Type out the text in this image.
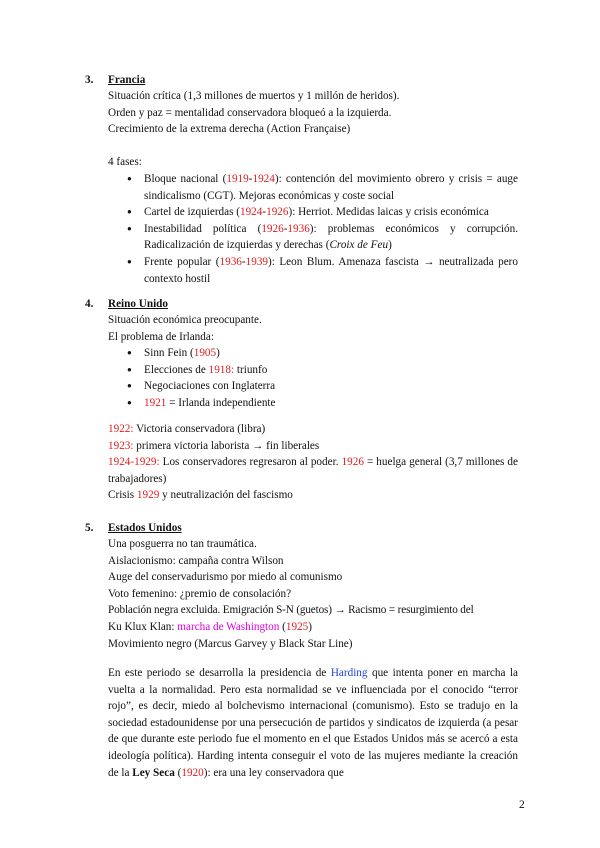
3. Francia

Situación crítica (1,3 millones de muertos y 1 millón de heridos).

Orden y paz = mentalidad conservadora bloqueó a la izquierda.

Crecimiento de la extrema derecha (Action Française)

4 fases:

● Bloque nacional (1919-1924): contención del movimiento obrero y crisis = auge sindicalismo (CGT). Mejoras económicas y coste social
● Cartel de izquierdas (1924-1926): Herriot. Medidas laicas y crisis económica
● Inestabilidad política (1926-1936): problemas económicos y corrupción. Radicalización de izquierdas y derechas (Croix de Feu)
● Frente popular (1936-1939): Leon Blum. Amenaza fascista → neutralizada pero contexto hostil
4. Reino Unido

Situación económica preocupante.

El problema de Irlanda:

● Sinn Fein (1905)
● Elecciones de 1918: triunfo
● Negociaciones con Inglaterra
● 1921 = Irlanda independiente

1922: Victoria conservadora (libra)

1923: primera victoria laborista → fin liberales

1924-1929: Los conservadores regresaron al poder. 1926 = huelga general (3,7 millones de trabajadores)

Crisis 1929 y neutralización del fascismo

5. Estados Unidos

Una posguerra no tan traumática.

Aislacionismo: campaña contra Wilson

Auge del conservadurismo por miedo al comunismo

Voto femenino: ¿premio de consolación?

Población negra excluida. Emigración S-N (guetos) → Racismo = resurgimiento del

Ku Klux Klan: marcha de Washington (1925)

Movimiento negro (Marcus Garvey y Black Star Line)

En este periodo se desarrolla la presidencia de Harding que intenta poner en marcha la vuelta a la normalidad. Pero esta normalidad se ve influenciada por el conocido “terror rojo”, es decir, miedo al bolchevismo internacional (comunismo). Esto se tradujo en la sociedad estadounidense por una persecución de partidos y sindicatos de izquierda (a pesar de que durante este periodo fue el momento en el que Estados Unidos más se acercó a esta ideología política). Harding intenta conseguir el voto de las mujeres mediante la creación de la Ley Seca (1920): era una ley conservadora que
2
